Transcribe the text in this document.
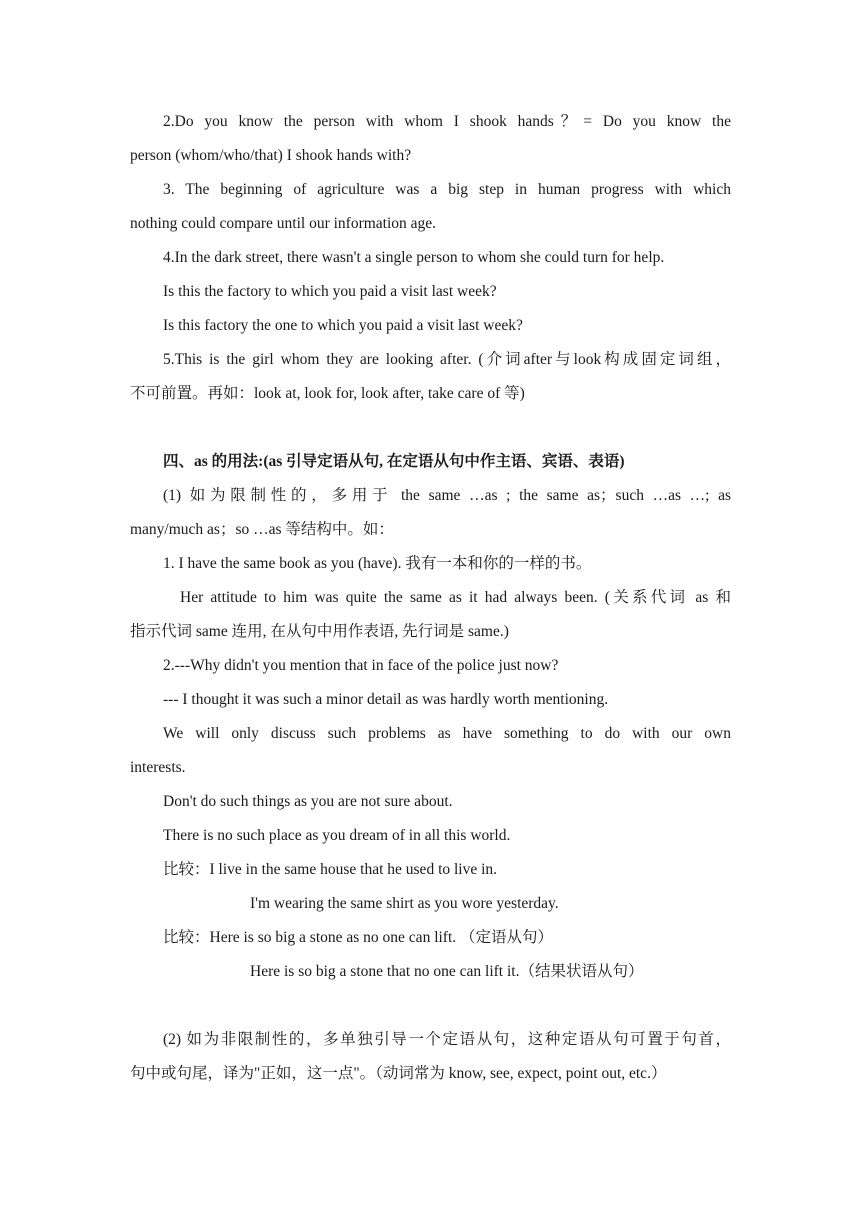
2.Do you know the person with whom I shook hands？= Do you know the

person (whom/who/that) I shook hands with?

3. The beginning of agriculture was a big step in human progress with which

nothing could compare until our information age.

4.In the dark street, there wasn't a single person to whom she could turn for help.

Is this the factory to which you paid a visit last week?

Is this factory the one to which you paid a visit last week?

5.This is the girl whom they are looking after. (介词after与look构成固定词组，

不可前置。再如：look at, look for, look after, take care of 等)

四、as 的用法:(as 引导定语从句, 在定语从句中作主语、宾语、表语)

(1) 如为限制性的，多用于 the same …as ; the same as；such …as …; as

many/much as；so …as 等结构中。如：

1. I have the same book as you (have). 我有一本和你的一样的书。

Her attitude to him was quite the same as it had always been. (关系代词 as 和

指示代词 same 连用, 在从句中用作表语, 先行词是 same.)

2.---Why didn't you mention that in face of the police just now?

--- I thought it was such a minor detail as was hardly worth mentioning.

We will only discuss such problems as have something to do with our own

interests.

Don't do such things as you are not sure about.

There is no such place as you dream of in all this world.

比较：I live in the same house that he used to live in.

I'm wearing the same shirt as you wore yesterday.

比较：Here is so big a stone as no one can lift. （定语从句）

Here is so big a stone that no one can lift it.（结果状语从句）

(2) 如为非限制性的，多单独引导一个定语从句，这种定语从句可置于句首，

句中或句尾，译为"正如，这一点"。（动词常为 know, see, expect, point out, etc.）
